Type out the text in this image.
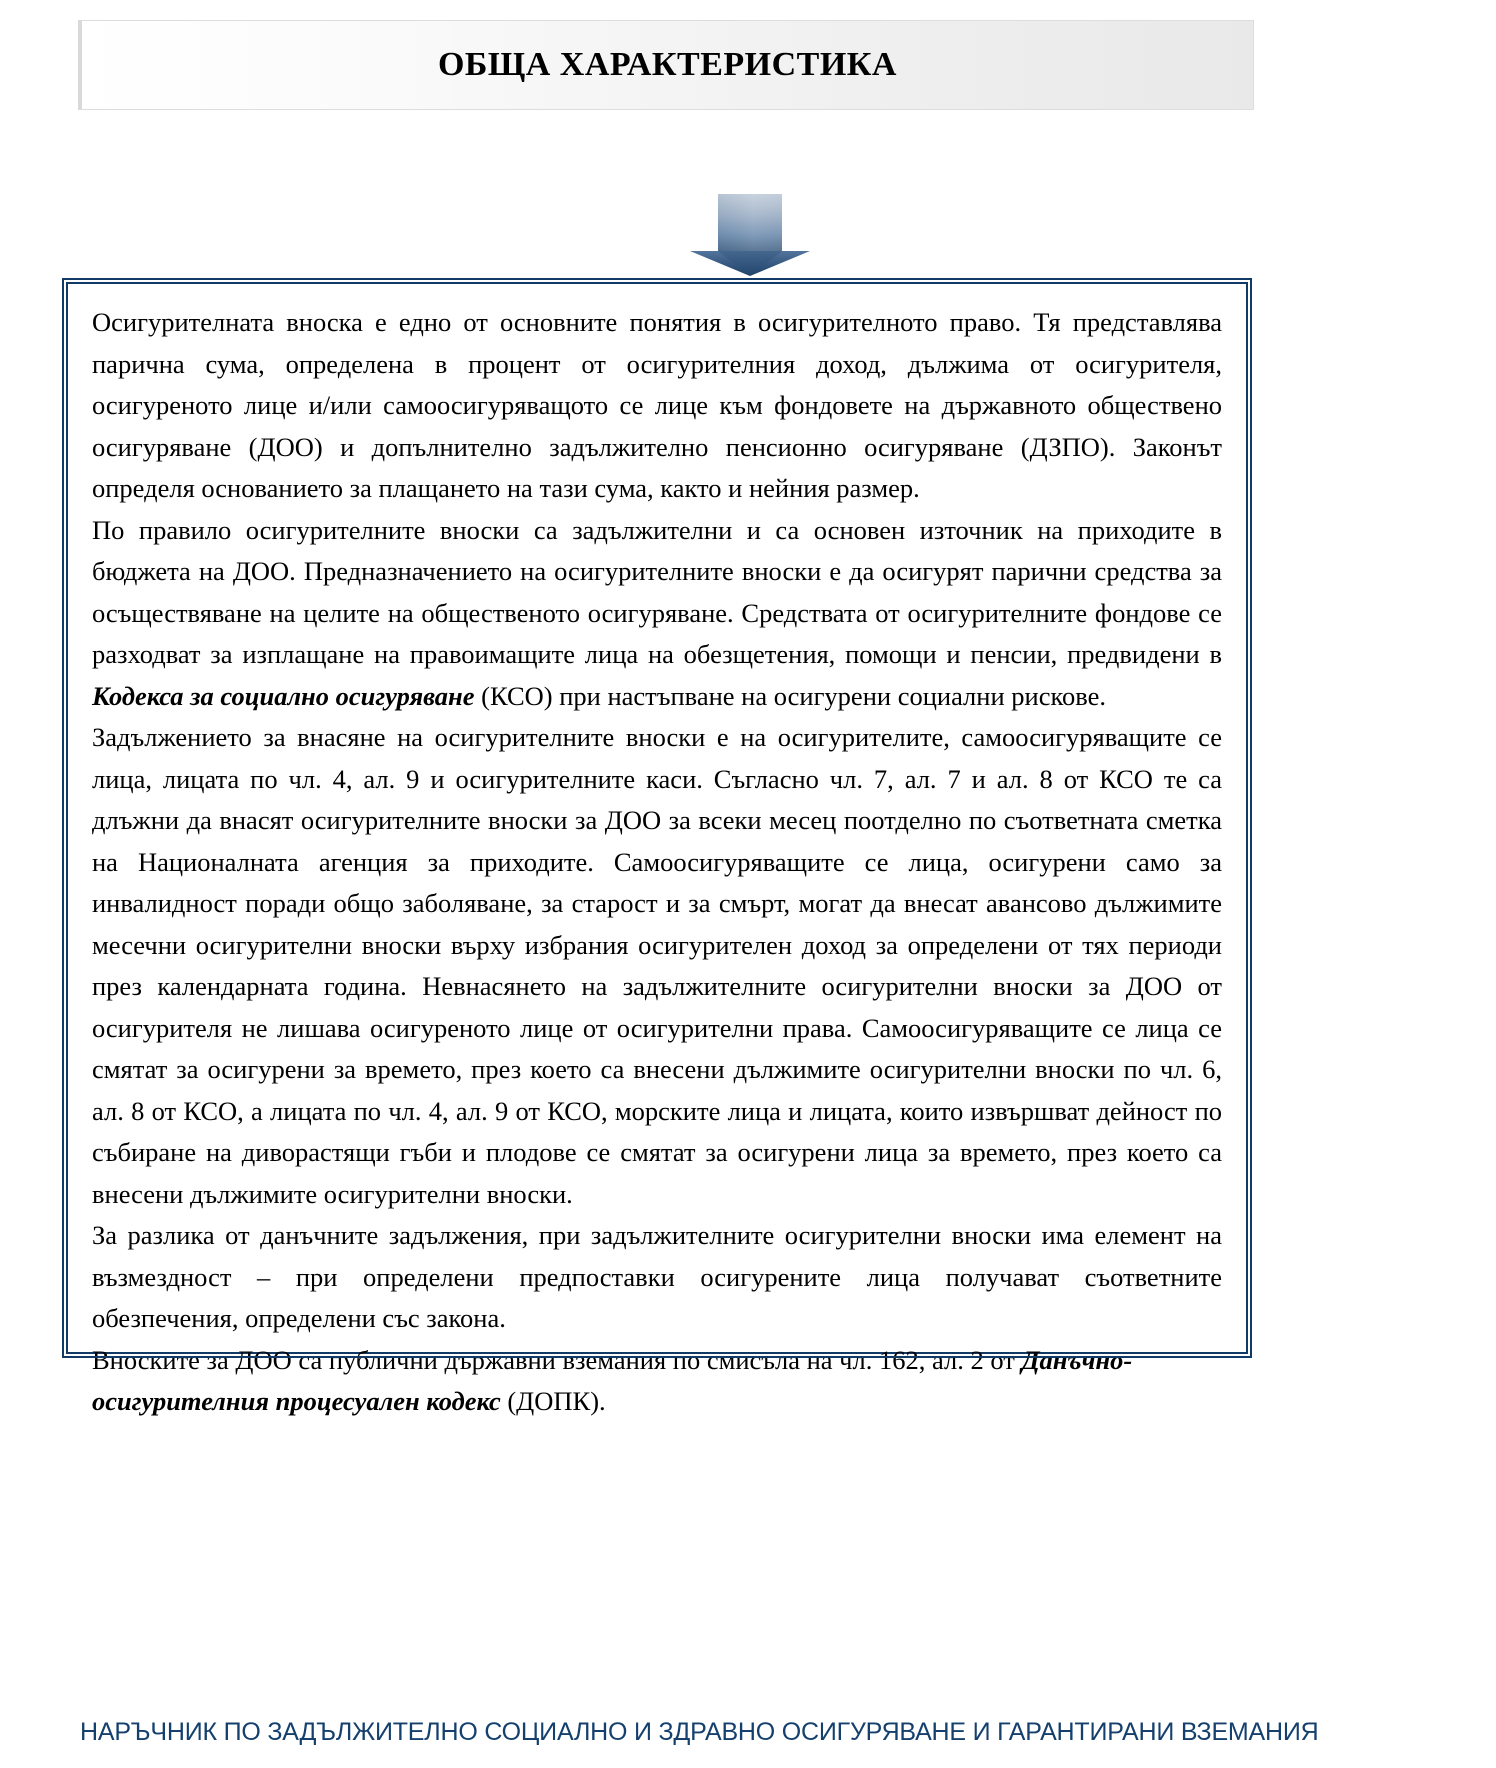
ОБЩА ХАРАКТЕРИСТИКА

Осигурителната вноска е едно от основните понятия в осигурителното право. Тя представлява парична сума, определена в процент от осигурителния доход, дължима от осигурителя, осигуреното лице и/или самоосигуряващото се лице към фондовете на държавното обществено осигуряване (ДОО) и допълнително задължително пенсионно осигуряване (ДЗПО). Законът определя основанието за плащането на тази сума, както и нейния размер.

По правило осигурителните вноски са задължителни и са основен източник на приходите в бюджета на ДОО. Предназначението на осигурителните вноски е да осигурят парични средства за осъществяване на целите на общественото осигуряване. Средствата от осигурителните фондове се разходват за изплащане на правоимащите лица на обезщетения, помощи и пенсии, предвидени в Кодекса за социално осигуряване (КСО) при настъпване на осигурени социални рискове.

Задължението за внасяне на осигурителните вноски е на осигурителите, самоосигуряващите се лица, лицата по чл. 4, ал. 9 и осигурителните каси. Съгласно чл. 7, ал. 7 и ал. 8 от КСО те са длъжни да внасят осигурителните вноски за ДОО за всеки месец поотделно по съответната сметка на Националната агенция за приходите. Самоосигуряващите се лица, осигурени само за инвалидност поради общо заболяване, за старост и за смърт, могат да внесат авансово дължимите месечни осигурителни вноски върху избрания осигурителен доход за определени от тях периоди през календарната година. Невнасянето на задължителните осигурителни вноски за ДОО от осигурителя не лишава осигуреното лице от осигурителни права. Самоосигуряващите се лица се смятат за осигурени за времето, през което са внесени дължимите осигурителни вноски по чл. 6, ал. 8 от КСО, а лицата по чл. 4, ал. 9 от КСО, морските лица и лицата, които извършват дейност по събиране на диворастящи гъби и плодове се смятат за осигурени лица за времето, през което са внесени дължимите осигурителни вноски.

За разлика от данъчните задължения, при задължителните осигурителни вноски има елемент на възмездност – при определени предпоставки осигурените лица получават съответните обезпечения, определени със закона.

Вноските за ДОО са публични държавни вземания по смисъла на чл. 162, ал. 2 от Данъчно-осигурителния процесуален кодекс (ДОПК).

НАРЪЧНИК ПО ЗАДЪЛЖИТЕЛНО СОЦИАЛНО И ЗДРАВНО ОСИГУРЯВАНЕ И ГАРАНТИРАНИ ВЗЕМАНИЯ
